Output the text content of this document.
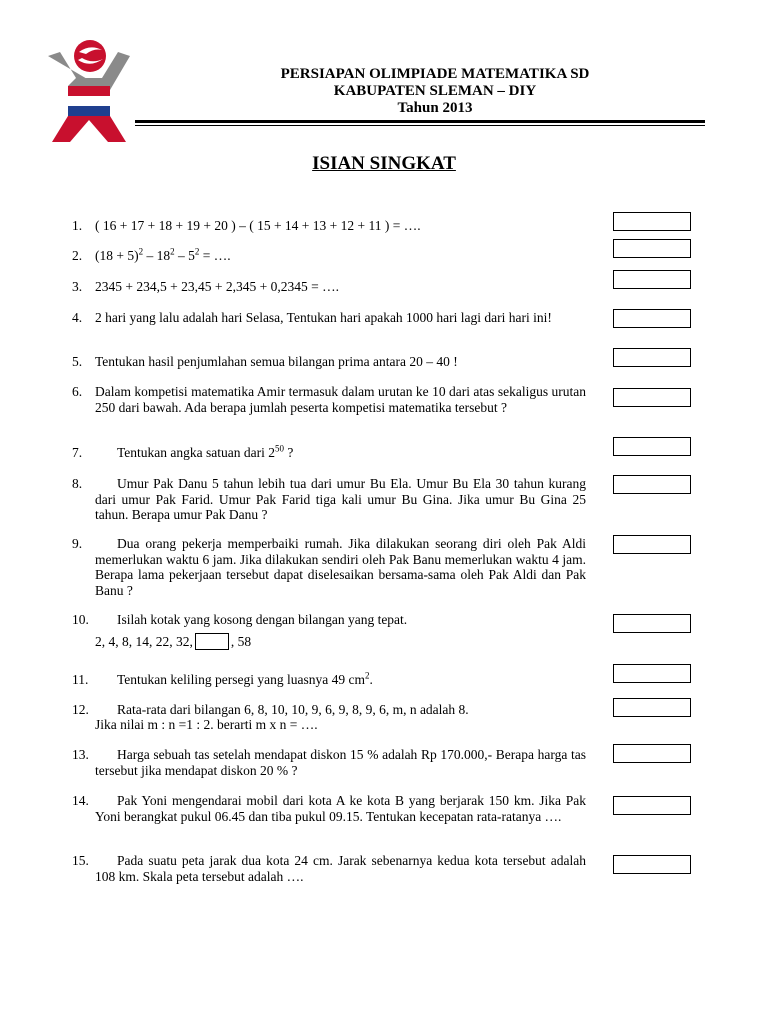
PERSIAPAN OLIMPIADE MATEMATIKA SD
KABUPATEN SLEMAN – DIY
Tahun 2013
ISIAN SINGKAT
1. ( 16 + 17 + 18 + 19 + 20 ) – ( 15 + 14 + 13 + 12 + 11 ) = ….
2. $(18 + 5)^2 - 18^2 - 5^2$ = ….
3. 2345 + 234,5 + 23,45 + 2,345 + 0,2345 = ….
4. 2 hari yang lalu adalah hari Selasa, Tentukan hari apakah 1000 hari lagi dari hari ini!
5. Tentukan hasil penjumlahan semua bilangan prima antara 20 – 40 !
6. Dalam kompetisi matematika Amir termasuk dalam urutan ke 10 dari atas sekaligus urutan 250 dari bawah. Ada berapa jumlah peserta kompetisi matematika tersebut ?
7.	Tentukan angka satuan dari $2^{50}$ ?
8.	Umur Pak Danu 5 tahun lebih tua dari umur Bu Ela. Umur Bu Ela 30 tahun kurang dari umur Pak Farid. Umur Pak Farid tiga kali umur Bu Gina. Jika umur Bu Gina 25 tahun. Berapa umur Pak Danu ?
9.	Dua orang pekerja memperbaiki rumah. Jika dilakukan seorang diri oleh Pak Aldi memerlukan waktu 6 jam. Jika dilakukan sendiri oleh Pak Banu memerlukan waktu 4 jam. Berapa lama pekerjaan tersebut dapat diselesaikan bersama-sama oleh Pak Aldi dan Pak Banu ?
10.	Isilah kotak yang kosong dengan bilangan yang tepat.
2, 4, 8, 14, 22, 32,	, 58
11.	Tentukan keliling persegi yang luasnya 49 $cm^2$.
12.	Rata-rata dari bilangan 6, 8, 10, 10, 9, 6, 9, 8, 9, 6, m, n adalah 8.
Jika nilai m : n =1 : 2. berarti m x n = ….
13.	Harga sebuah tas setelah mendapat diskon 15 % adalah Rp 170.000,- Berapa harga tas tersebut jika mendapat diskon 20 % ?
14.	Pak Yoni mengendarai mobil dari kota A ke kota B yang berjarak 150 km. Jika Pak Yoni berangkat pukul 06.45 dan tiba pukul 09.15. Tentukan kecepatan rata-ratanya ….
15.	Pada suatu peta jarak dua kota 24 cm. Jarak sebenarnya kedua kota tersebut adalah 108 km. Skala peta tersebut adalah ….
